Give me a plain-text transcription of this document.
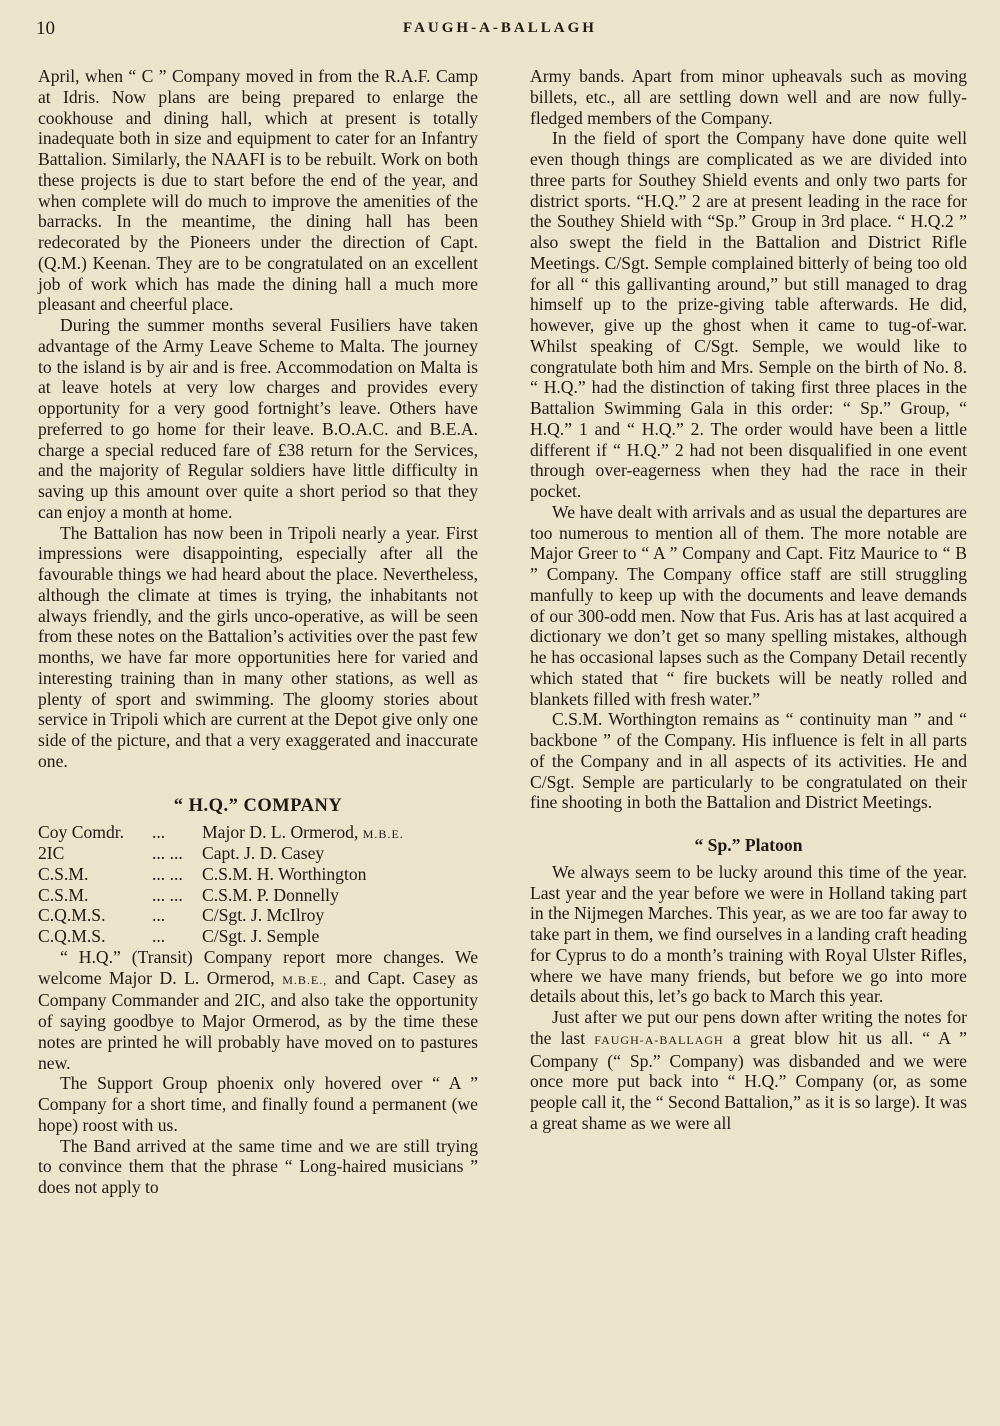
10	FAUGH-A-BALLAGH

April, when “ C ” Company moved in from the R.A.F. Camp at Idris. Now plans are being prepared to enlarge the cookhouse and dining hall, which at present is totally inadequate both in size and equipment to cater for an Infantry Battalion. Similarly, the NAAFI is to be rebuilt. Work on both these projects is due to start before the end of the year, and when complete will do much to improve the amenities of the barracks. In the meantime, the dining hall has been redecorated by the Pioneers under the direction of Capt. (Q.M.) Keenan. They are to be congratulated on an excellent job of work which has made the dining hall a much more pleasant and cheerful place.

During the summer months several Fusiliers have taken advantage of the Army Leave Scheme to Malta. The journey to the island is by air and is free. Accommodation on Malta is at leave hotels at very low charges and provides every opportunity for a very good fortnight’s leave. Others have preferred to go home for their leave. B.O.A.C. and B.E.A. charge a special reduced fare of £38 return for the Services, and the majority of Regular soldiers have little difficulty in saving up this amount over quite a short period so that they can enjoy a month at home.

The Battalion has now been in Tripoli nearly a year. First impressions were disappointing, especially after all the favourable things we had heard about the place. Nevertheless, although the climate at times is trying, the inhabitants not always friendly, and the girls unco-operative, as will be seen from these notes on the Battalion’s activities over the past few months, we have far more opportunities here for varied and interesting training than in many other stations, as well as plenty of sport and swimming. The gloomy stories about service in Tripoli which are current at the Depot give only one side of the picture, and that a very exaggerated and inaccurate one.

“ H.Q.” COMPANY
Coy Comdr.	...	Major D. L. Ormerod, M.B.E.
2IC	... ...	Capt. J. D. Casey
C.S.M.	... ...	C.S.M. H. Worthington
C.S.M.	... ...	C.S.M. P. Donnelly
C.Q.M.S.	...	C/Sgt. J. McIlroy
C.Q.M.S.	...	C/Sgt. J. Semple

“ H.Q.” (Transit) Company report more changes. We welcome Major D. L. Ormerod, M.B.E., and Capt. Casey as Company Commander and 2IC, and also take the opportunity of saying goodbye to Major Ormerod, as by the time these notes are printed he will probably have moved on to pastures new.

The Support Group phoenix only hovered over “ A ” Company for a short time, and finally found a permanent (we hope) roost with us.

The Band arrived at the same time and we are still trying to convince them that the phrase “ Long-haired musicians ” does not apply to

Army bands. Apart from minor upheavals such as moving billets, etc., all are settling down well and are now fully-fledged members of the Company.

In the field of sport the Company have done quite well even though things are complicated as we are divided into three parts for Southey Shield events and only two parts for district sports. “H.Q.” 2 are at present leading in the race for the Southey Shield with “Sp.” Group in 3rd place. “ H.Q.2 ” also swept the field in the Battalion and District Rifle Meetings. C/Sgt. Semple complained bitterly of being too old for all “ this gallivanting around,” but still managed to drag himself up to the prize-giving table afterwards. He did, however, give up the ghost when it came to tug-of-war. Whilst speaking of C/Sgt. Semple, we would like to congratulate both him and Mrs. Semple on the birth of No. 8. “ H.Q.” had the distinction of taking first three places in the Battalion Swimming Gala in this order: “ Sp.” Group, “ H.Q.” 1 and “ H.Q.” 2. The order would have been a little different if “ H.Q.” 2 had not been disqualified in one event through over-eagerness when they had the race in their pocket.

We have dealt with arrivals and as usual the departures are too numerous to mention all of them. The more notable are Major Greer to “ A ” Company and Capt. Fitz Maurice to “ B ” Company. The Company office staff are still struggling manfully to keep up with the documents and leave demands of our 300-odd men. Now that Fus. Aris has at last acquired a dictionary we don’t get so many spelling mistakes, although he has occasional lapses such as the Company Detail recently which stated that “ fire buckets will be neatly rolled and blankets filled with fresh water.”

C.S.M. Worthington remains as “ continuity man ” and “ backbone ” of the Company. His influence is felt in all parts of the Company and in all aspects of its activities. He and C/Sgt. Semple are particularly to be congratulated on their fine shooting in both the Battalion and District Meetings.

“ Sp.” Platoon

We always seem to be lucky around this time of the year. Last year and the year before we were in Holland taking part in the Nijmegen Marches. This year, as we are too far away to take part in them, we find ourselves in a landing craft heading for Cyprus to do a month’s training with Royal Ulster Rifles, where we have many friends, but before we go into more details about this, let’s go back to March this year.

Just after we put our pens down after writing the notes for the last FAUGH-A-BALLAGH a great blow hit us all. “ A ” Company (“ Sp.” Company) was disbanded and we were once more put back into “ H.Q.” Company (or, as some people call it, the “ Second Battalion,” as it is so large). It was a great shame as we were all
